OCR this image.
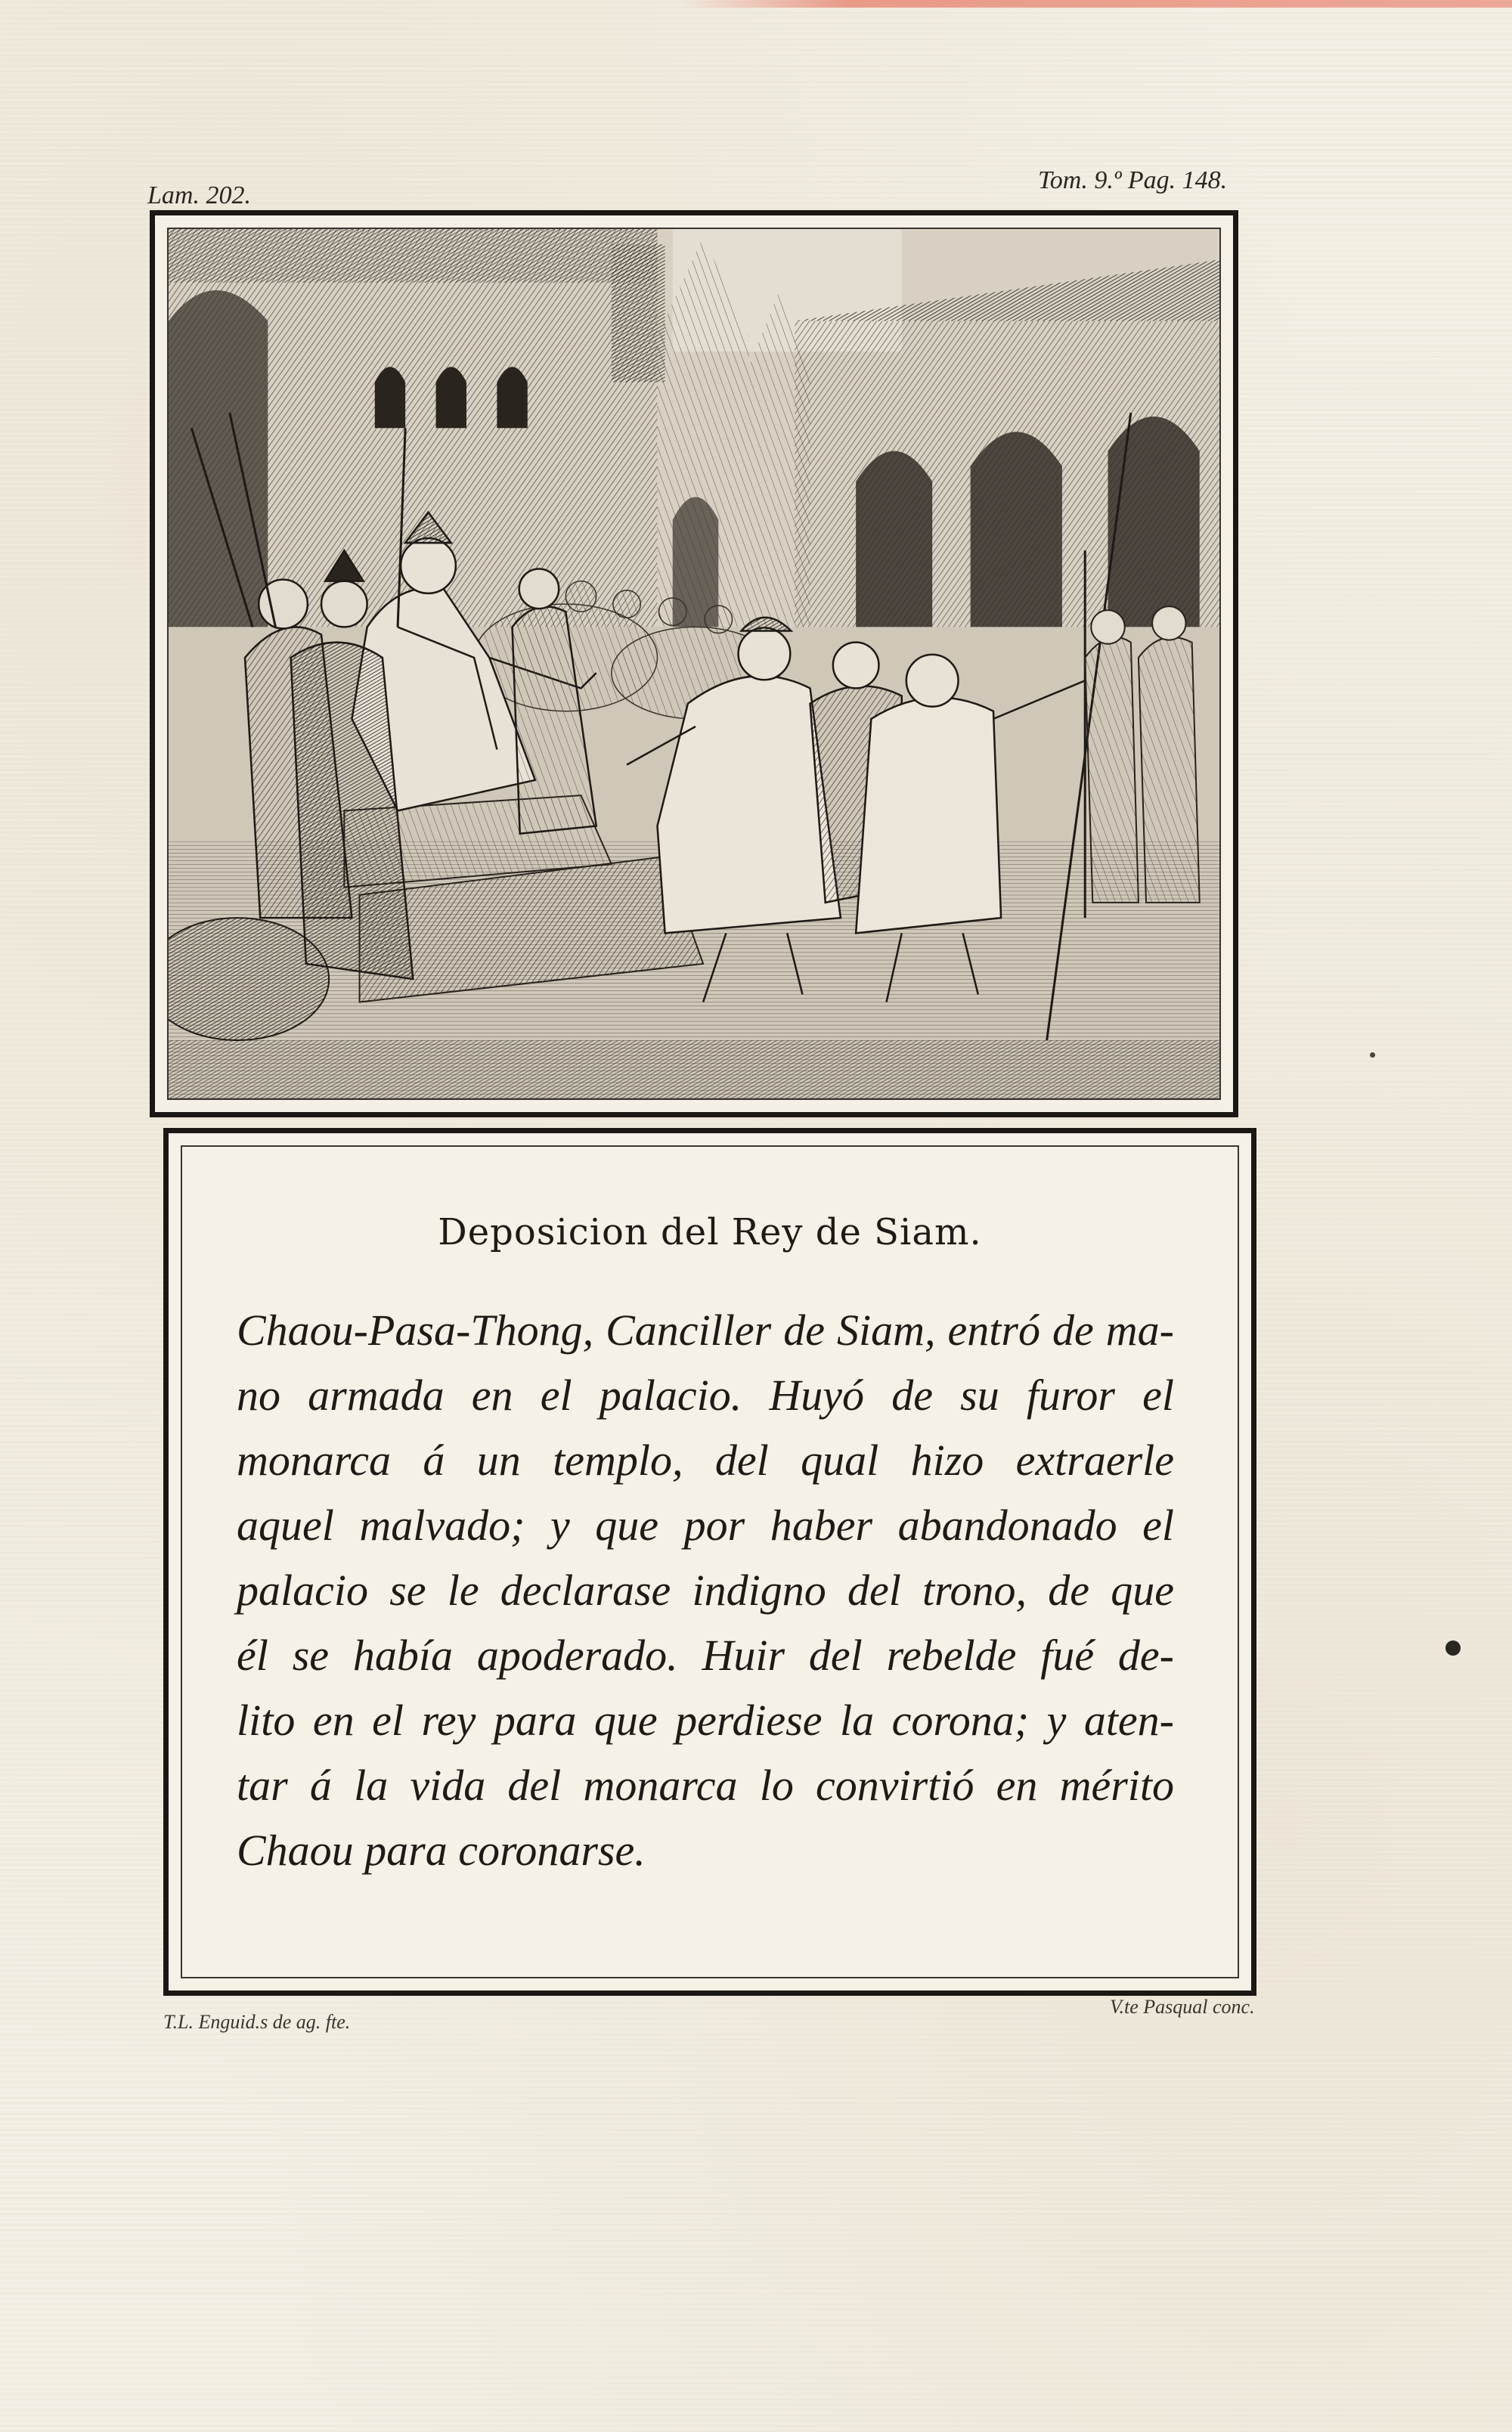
Lam. 202.
Tom. 9.º Pag. 148.
Deposicion del Rey de Siam.
Chaou-Pasa-Thong, Canciller de Siam, entró de ma-
no armada en el palacio. Huyó de su furor el
monarca á un templo, del qual hizo extraerle
aquel malvado; y que por haber abandonado el
palacio se le declarase indigno del trono, de que
él se había apoderado. Huir del rebelde fué de-
lito en el rey para que perdiese la corona; y aten-
tar á la vida del monarca lo convirtió en mérito
Chaou para coronarse.
T.L. Enguid.s de ag. fte.
V.te Pasqual conc.
